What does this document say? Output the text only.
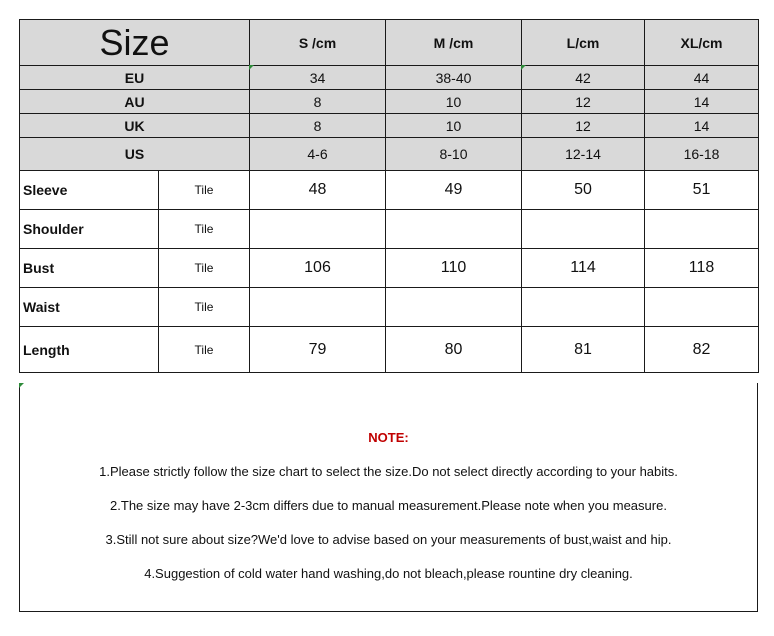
Size		S /cm	M /cm	L/cm	XL/cm
EU		34	38-40	42	44
AU		8	10	12	14
UK		8	10	12	14
US		4-6	8-10	12-14	16-18
Sleeve	Tile	48	49	50	51
Shoulder	Tile				
Bust	Tile	106	110	114	118
Waist	Tile				
Length	Tile	79	80	81	82
NOTE:
1.Please strictly follow the size chart to select the size.Do not select directly according to your habits.
2.The size may have 2-3cm differs due to manual measurement.Please note when you measure.
3.Still not sure about size?We'd love to advise based on your measurements of bust,waist and hip.
4.Suggestion of cold water hand washing,do not bleach,please rountine dry cleaning.
